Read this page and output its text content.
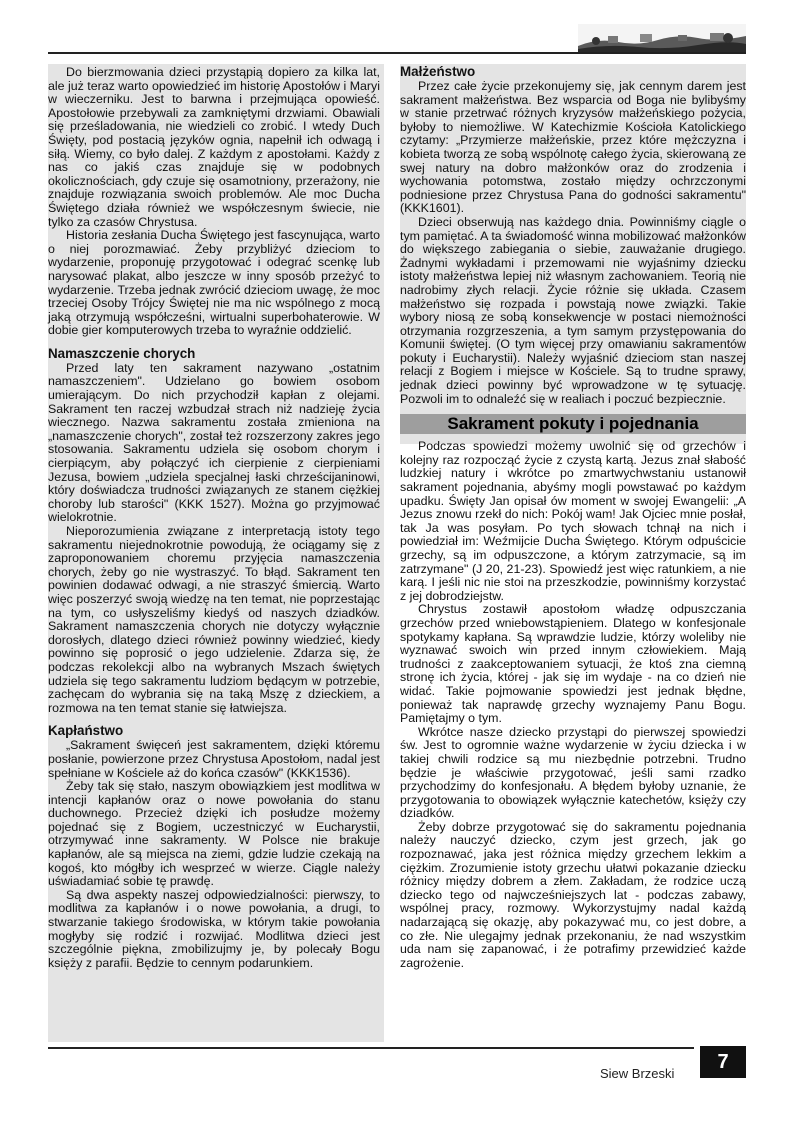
Do bierzmowania dzieci przystąpią dopiero za kilka lat, ale już teraz warto opowiedzieć im historię Apostołów i Maryi w wieczerniku. Jest to barwna i przejmująca opowieść. Apostołowie przebywali za zamkniętymi drzwiami. Obawiali się prześladowania, nie wiedzieli co zrobić. I wtedy Duch Święty, pod postacią języków ognia, napełnił ich odwagą i siłą. Wiemy, co było dalej. Z każdym z apostołami. Każdy z nas co jakiś czas znajduje się w podobnych okolicznościach, gdy czuje się osamotniony, przerażony, nie znajduje rozwiązania swoich problemów. Ale moc Ducha Świętego działa również we współczesnym świecie, nie tylko za czasów Chrystusa.

Historia zesłania Ducha Świętego jest fascynująca, warto o niej porozmawiać. Żeby przybliżyć dzieciom to wydarzenie, proponuję przygotować i odegrać scenkę lub narysować plakat, albo jeszcze w inny sposób przeżyć to wydarzenie. Trzeba jednak zwrócić dzieciom uwagę, że moc trzeciej Osoby Trójcy Świętej nie ma nic wspólnego z mocą jaką otrzymują współcześni, wirtualni superbohaterowie. W dobie gier komputerowych trzeba to wyraźnie oddzielić.

Namaszczenie chorych

Przed laty ten sakrament nazywano „ostatnim namaszczeniem". Udzielano go bowiem osobom umierającym. Do nich przychodził kapłan z olejami. Sakrament ten raczej wzbudzał strach niż nadzieję życia wiecznego. Nazwa sakramentu została zmieniona na „namaszczenie chorych", został też rozszerzony zakres jego stosowania. Sakramentu udziela się osobom chorym i cierpiącym, aby połączyć ich cierpienie z cierpieniami Jezusa, bowiem „udziela specjalnej łaski chrześcijaninowi, który doświadcza trudności związanych ze stanem ciężkiej choroby lub starości" (KKK 1527). Można go przyjmować wielokrotnie.

Nieporozumienia związane z interpretacją istoty tego sakramentu niejednokrotnie powodują, że ociągamy się z zaproponowaniem choremu przyjęcia namaszczenia chorych, żeby go nie wystraszyć. To błąd. Sakrament ten powinien dodawać odwagi, a nie straszyć śmiercią. Warto więc poszerzyć swoją wiedzę na ten temat, nie poprzestając na tym, co usłyszeliśmy kiedyś od naszych dziadków. Sakrament namaszczenia chorych nie dotyczy wyłącznie dorosłych, dlatego dzieci również powinny wiedzieć, kiedy powinno się poprosić o jego udzielenie. Zdarza się, że podczas rekolekcji albo na wybranych Mszach świętych udziela się tego sakramentu ludziom będącym w potrzebie, zachęcam do wybrania się na taką Mszę z dzieckiem, a rozmowa na ten temat stanie się łatwiejsza.

Kapłaństwo

„Sakrament święceń jest sakramentem, dzięki któremu posłanie, powierzone przez Chrystusa Apostołom, nadal jest spełniane w Kościele aż do końca czasów" (KKK1536).

Żeby tak się stało, naszym obowiązkiem jest modlitwa w intencji kapłanów oraz o nowe powołania do stanu duchownego. Przecież dzięki ich posłudze możemy pojednać się z Bogiem, uczestniczyć w Eucharystii, otrzymywać inne sakramenty. W Polsce nie brakuje kapłanów, ale są miejsca na ziemi, gdzie ludzie czekają na kogoś, kto mógłby ich wesprzeć w wierze. Ciągle należy uświadamiać sobie tę prawdę.

Są dwa aspekty naszej odpowiedzialności: pierwszy, to modlitwa za kapłanów i o nowe powołania, a drugi, to stwarzanie takiego środowiska, w którym takie powołania mogłyby się rodzić i rozwijać. Modlitwa dzieci jest szczególnie piękna, zmobilizujmy je, by polecały Bogu księży z parafii. Będzie to cennym podarunkiem.

Małżeństwo

Przez całe życie przekonujemy się, jak cennym darem jest sakrament małżeństwa. Bez wsparcia od Boga nie bylibyśmy w stanie przetrwać różnych kryzysów małżeńskiego pożycia, byłoby to niemożliwe. W Katechizmie Kościoła Katolickiego czytamy: „Przymierze małżeńskie, przez które mężczyzna i kobieta tworzą ze sobą wspólnotę całego życia, skierowaną ze swej natury na dobro małżonków oraz do zrodzenia i wychowania potomstwa, zostało między ochrzczonymi podniesione przez Chrystusa Pana do godności sakramentu" (KKK1601).

Dzieci obserwują nas każdego dnia. Powinniśmy ciągle o tym pamiętać. A ta świadomość winna mobilizować małżonków do większego zabiegania o siebie, zauważanie drugiego. Żadnymi wykładami i przemowami nie wyjaśnimy dziecku istoty małżeństwa lepiej niż własnym zachowaniem. Teorią nie nadrobimy złych relacji. Życie różnie się układa. Czasem małżeństwo się rozpada i powstają nowe związki. Takie wybory niosą ze sobą konsekwencje w postaci niemożności otrzymania rozgrzeszenia, a tym samym przystępowania do Komunii świętej. (O tym więcej przy omawianiu sakramentów pokuty i Eucharystii). Należy wyjaśnić dzieciom stan naszej relacji z Bogiem i miejsce w Kościele. Są to trudne sprawy, jednak dzieci powinny być wprowadzone w tę sytuację. Pozwoli im to odnaleźć się w realiach i poczuć bezpiecznie.

Sakrament pokuty i pojednania

Podczas spowiedzi możemy uwolnić się od grzechów i kolejny raz rozpocząć życie z czystą kartą. Jezus znał słabość ludzkiej natury i wkrótce po zmartwychwstaniu ustanowił sakrament pojednania, abyśmy mogli powstawać po każdym upadku. Święty Jan opisał ów moment w swojej Ewangelii: „A Jezus znowu rzekł do nich: Pokój wam! Jak Ojciec mnie posłał, tak Ja was posyłam. Po tych słowach tchnął na nich i powiedział im: Weźmijcie Ducha Świętego. Którym odpuścicie grzechy, są im odpuszczone, a którym zatrzymacie, są im zatrzymane" (J 20, 21-23). Spowiedź jest więc ratunkiem, a nie karą. I jeśli nic nie stoi na przeszkodzie, powinniśmy korzystać z jej dobrodziejstw.

Chrystus zostawił apostołom władzę odpuszczania grzechów przed wniebowstąpieniem. Dlatego w konfesjonale spotykamy kapłana. Są wprawdzie ludzie, którzy woleliby nie wyznawać swoich win przed innym człowiekiem. Mają trudności z zaakceptowaniem sytuacji, że ktoś zna ciemną stronę ich życia, której - jak się im wydaje - na co dzień nie widać. Takie pojmowanie spowiedzi jest jednak błędne, ponieważ tak naprawdę grzechy wyznajemy Panu Bogu. Pamiętajmy o tym.

Wkrótce nasze dziecko przystąpi do pierwszej spowiedzi św. Jest to ogromnie ważne wydarzenie w życiu dziecka i w takiej chwili rodzice są mu niezbędnie potrzebni. Trudno będzie je właściwie przygotować, jeśli sami rzadko przychodzimy do konfesjonału. A błędem byłoby uznanie, że przygotowania to obowiązek wyłącznie katechetów, księży czy dziadków.

Żeby dobrze przygotować się do sakramentu pojednania należy nauczyć dziecko, czym jest grzech, jak go rozpoznawać, jaka jest różnica między grzechem lekkim a ciężkim. Zrozumienie istoty grzechu ułatwi pokazanie dziecku różnicy między dobrem a złem. Zakładam, że rodzice uczą dziecko tego od najwcześniejszych lat - podczas zabawy, wspólnej pracy, rozmowy. Wykorzystujmy nadal każdą nadarzającą się okazję, aby pokazywać mu, co jest dobre, a co złe. Nie ulegajmy jednak przekonaniu, że nad wszystkim uda nam się zapanować, i że potrafimy przewidzieć każde zagrożenie.

Siew Brzeski
7
